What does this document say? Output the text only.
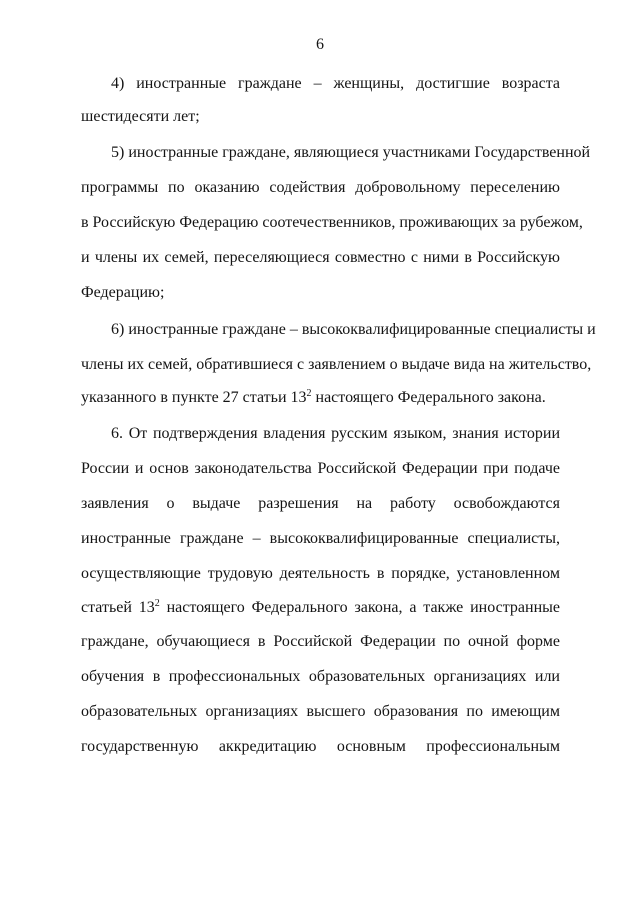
6
4) иностранные граждане – женщины, достигшие возраста
шестидесяти лет;
5) иностранные граждане, являющиеся участниками Государственной
программы по оказанию содействия добровольному переселению
в Российскую Федерацию соотечественников, проживающих за рубежом,
и члены их семей, переселяющиеся совместно с ними в Российскую
Федерацию;
6) иностранные граждане – высококвалифицированные специалисты и
члены их семей, обратившиеся с заявлением о выдаче вида на жительство,
указанного в пункте 27 статьи $13^2$ настоящего Федерального закона.
6. От подтверждения владения русским языком, знания истории
России и основ законодательства Российской Федерации при подаче
заявления о выдаче разрешения на работу освобождаются
иностранные граждане – высококвалифицированные специалисты,
осуществляющие трудовую деятельность в порядке, установленном
статьей $13^2$ настоящего Федерального закона, а также иностранные
граждане, обучающиеся в Российской Федерации по очной форме
обучения в профессиональных образовательных организациях или
образовательных организациях высшего образования по имеющим
государственную аккредитацию основным профессиональным
